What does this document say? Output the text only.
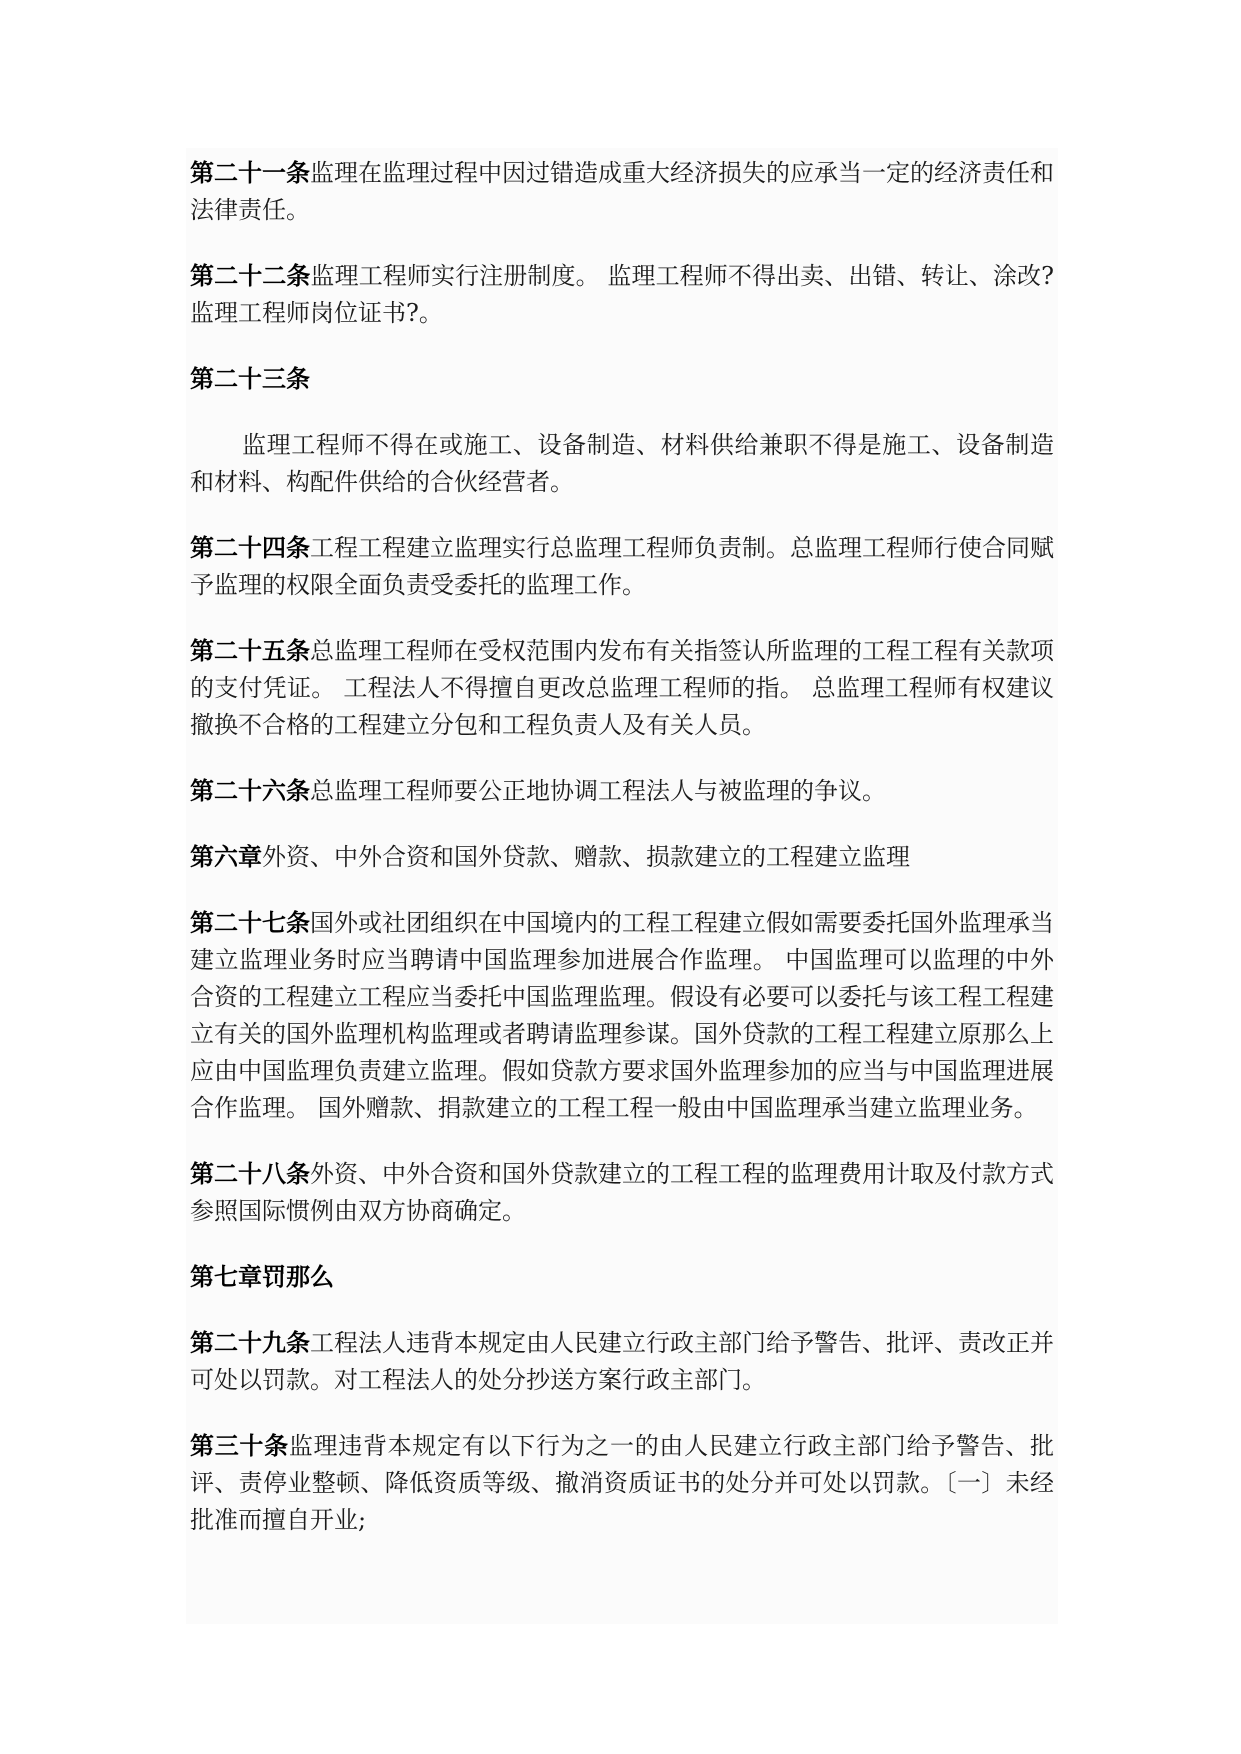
第二十一条监理在监理过程中因过错造成重大经济损失的应承当一定的经济责任和法律责任。

第二十二条监理工程师实行注册制度。 监理工程师不得出卖、出错、转让、涂改?监理工程师岗位证书?。

第二十三条

监理工程师不得在或施工、设备制造、材料供给兼职不得是施工、设备制造和材料、构配件供给的合伙经营者。

第二十四条工程工程建立监理实行总监理工程师负责制。总监理工程师行使合同赋予监理的权限全面负责受委托的监理工作。

第二十五条总监理工程师在受权范围内发布有关指签认所监理的工程工程有关款项的支付凭证。 工程法人不得擅自更改总监理工程师的指。 总监理工程师有权建议撤换不合格的工程建立分包和工程负责人及有关人员。

第二十六条总监理工程师要公正地协调工程法人与被监理的争议。

第六章外资、中外合资和国外贷款、赠款、损款建立的工程建立监理

第二十七条国外或社团组织在中国境内的工程工程建立假如需要委托国外监理承当建立监理业务时应当聘请中国监理参加进展合作监理。 中国监理可以监理的中外合资的工程建立工程应当委托中国监理监理。假设有必要可以委托与该工程工程建立有关的国外监理机构监理或者聘请监理参谋。国外贷款的工程工程建立原那么上应由中国监理负责建立监理。假如贷款方要求国外监理参加的应当与中国监理进展合作监理。 国外赠款、捐款建立的工程工程一般由中国监理承当建立监理业务。

第二十八条外资、中外合资和国外贷款建立的工程工程的监理费用计取及付款方式参照国际惯例由双方协商确定。

第七章罚那么

第二十九条工程法人违背本规定由人民建立行政主部门给予警告、批评、责改正并可处以罚款。对工程法人的处分抄送方案行政主部门。

第三十条监理违背本规定有以下行为之一的由人民建立行政主部门给予警告、批评、责停业整顿、降低资质等级、撤消资质证书的处分并可处以罚款。〔一〕未经批准而擅自开业;
